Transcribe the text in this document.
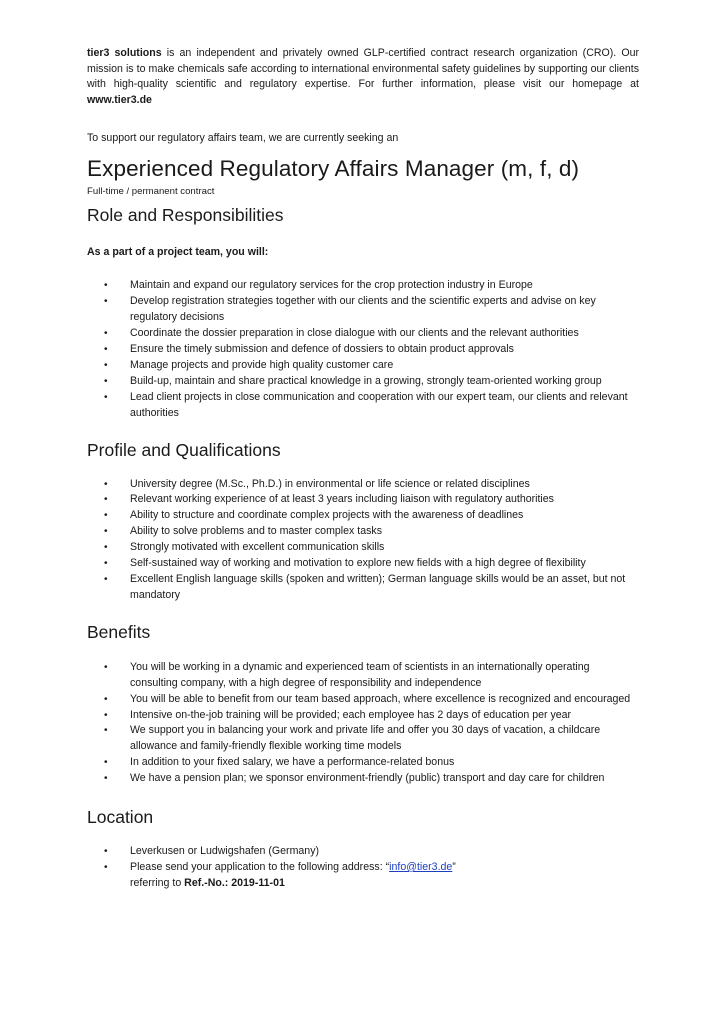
tier3 solutions is an independent and privately owned GLP-certified contract research organization (CRO). Our mission is to make chemicals safe according to international environmental safety guidelines by supporting our clients with high-quality scientific and regulatory expertise. For further information, please visit our homepage at www.tier3.de

To support our regulatory affairs team, we are currently seeking an

Experienced Regulatory Affairs Manager (m, f, d)

Full-time / permanent contract

Role and Responsibilities

As a part of a project team, you will:

• Maintain and expand our regulatory services for the crop protection industry in Europe
• Develop registration strategies together with our clients and the scientific experts and advise on key regulatory decisions
• Coordinate the dossier preparation in close dialogue with our clients and the relevant authorities
• Ensure the timely submission and defence of dossiers to obtain product approvals
• Manage projects and provide high quality customer care
• Build-up, maintain and share practical knowledge in a growing, strongly team-oriented working group
• Lead client projects in close communication and cooperation with our expert team, our clients and relevant authorities
Profile and Qualifications
• University degree (M.Sc., Ph.D.) in environmental or life science or related disciplines
• Relevant working experience of at least 3 years including liaison with regulatory authorities
• Ability to structure and coordinate complex projects with the awareness of deadlines
• Ability to solve problems and to master complex tasks
• Strongly motivated with excellent communication skills
• Self-sustained way of working and motivation to explore new fields with a high degree of flexibility
• Excellent English language skills (spoken and written); German language skills would be an asset, but not mandatory
Benefits
• You will be working in a dynamic and experienced team of scientists in an internationally operating consulting company, with a high degree of responsibility and independence
• You will be able to benefit from our team based approach, where excellence is recognized and encouraged
• Intensive on-the-job training will be provided; each employee has 2 days of education per year
• We support you in balancing your work and private life and offer you 30 days of vacation, a childcare allowance and family-friendly flexible working time models
• In addition to your fixed salary, we have a performance-related bonus
• We have a pension plan; we sponsor environment-friendly (public) transport and day care for children
Location
• Leverkusen or Ludwigshafen (Germany)
• Please send your application to the following address: “info@tier3.de”
referring to Ref.-No.: 2019-11-01
